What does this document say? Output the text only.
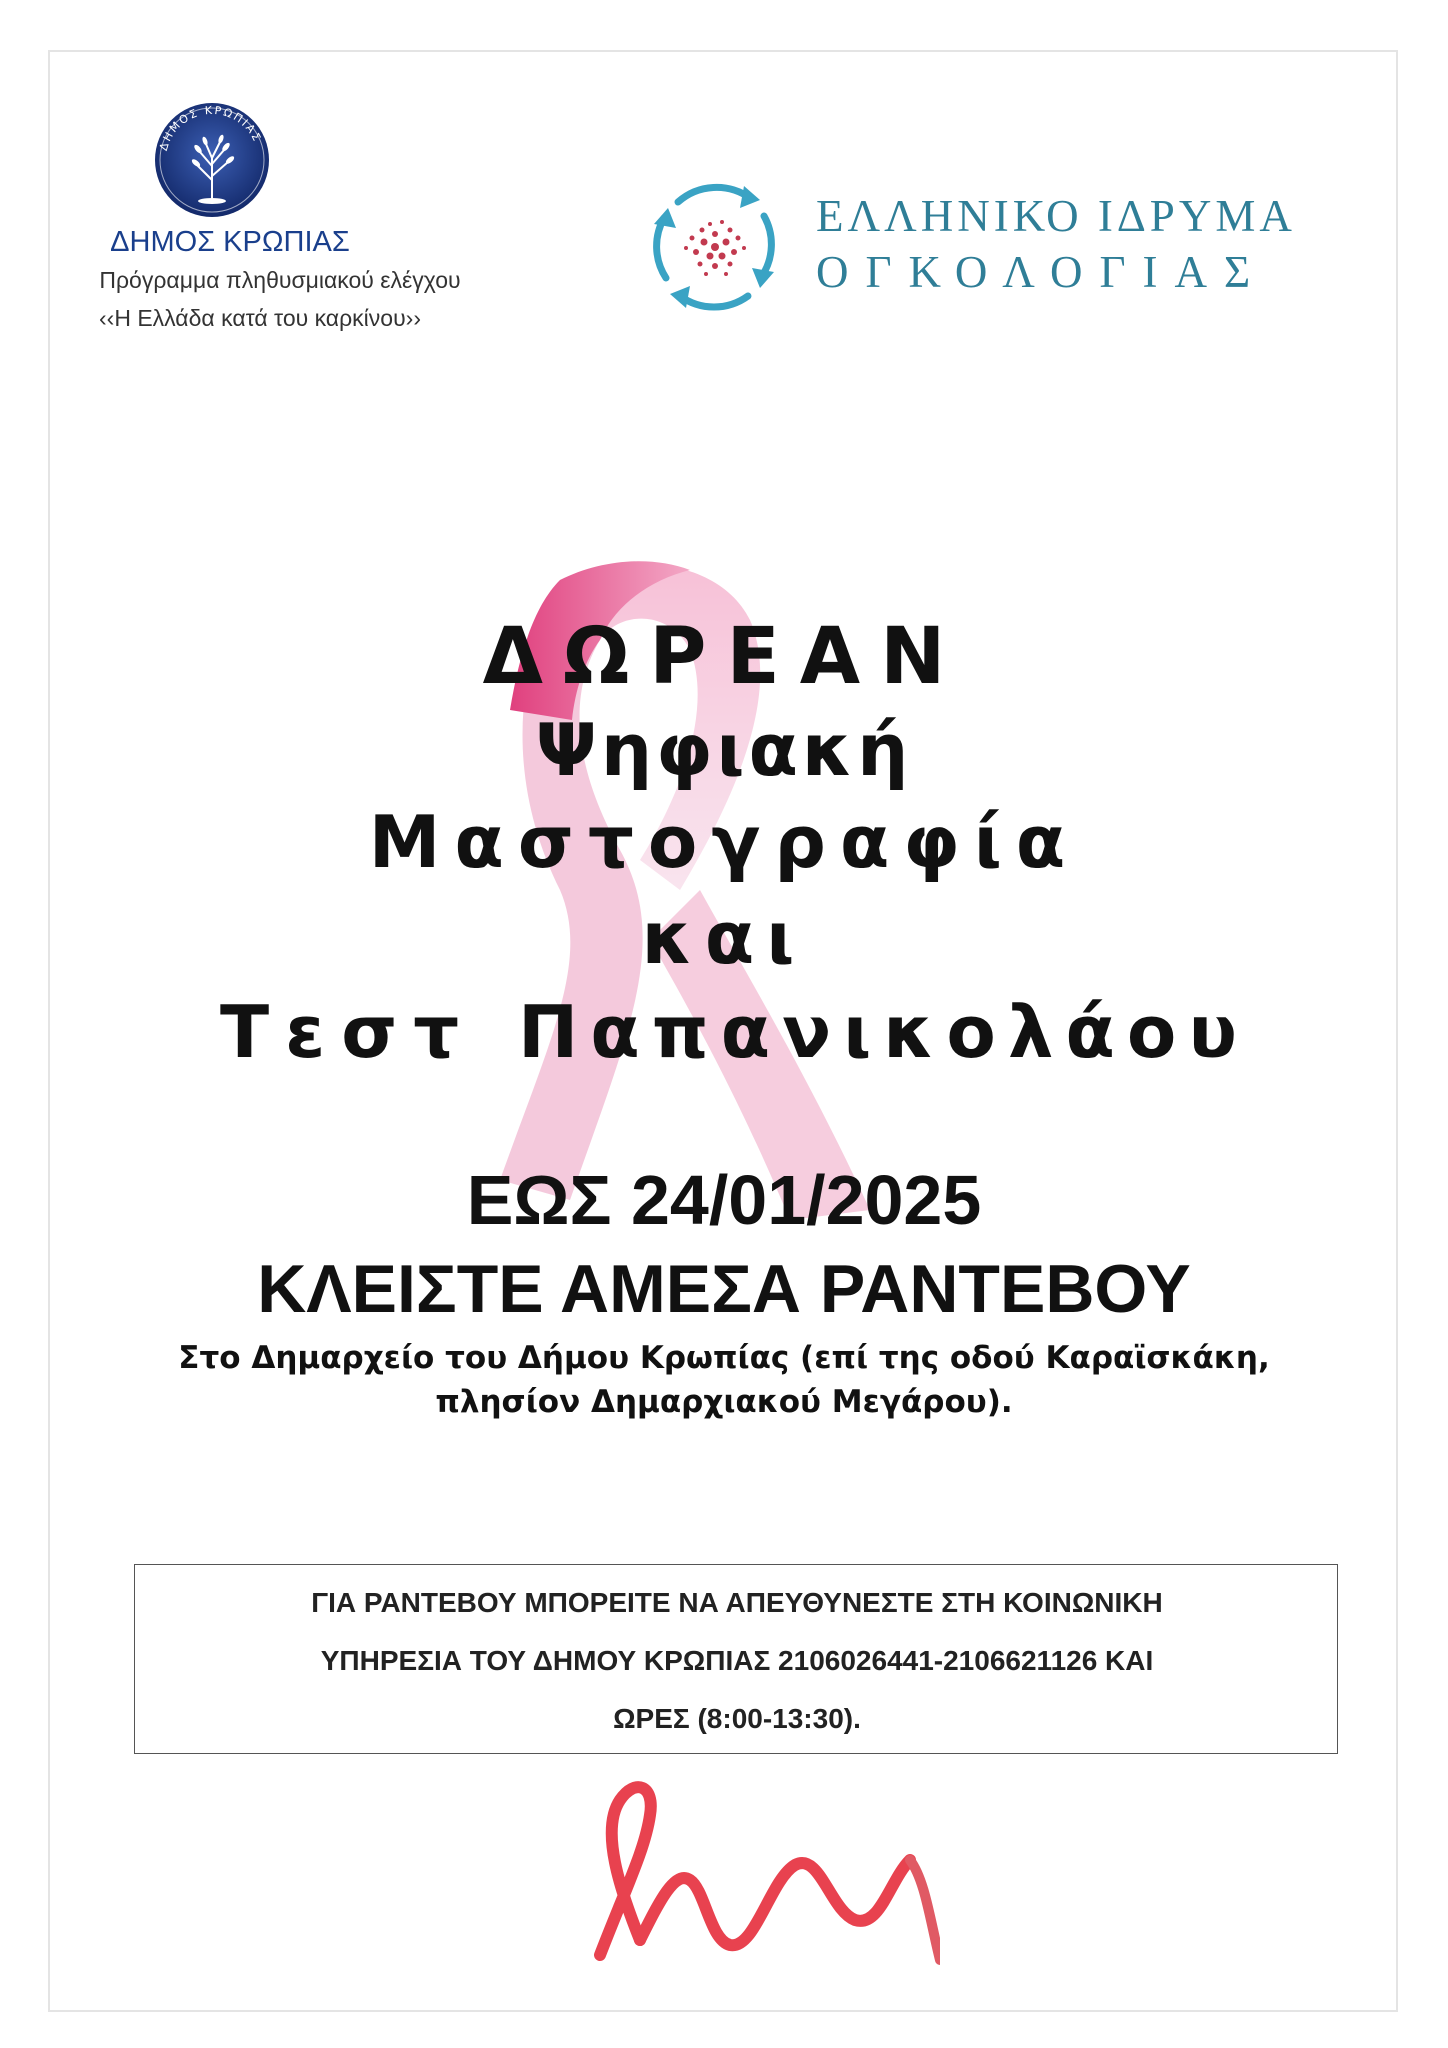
ΔΗΜΟΣ ΚΡΩΠΙΑΣ
ΔΗΜΟΣ ΚΡΩΠΙΑΣ
Πρόγραμμα πληθυσμιακού ελέγχου
‹‹Η Ελλάδα κατά του καρκίνου››
ΕΛΛΗΝΙΚΟ ΙΔΡΥΜΑ
ΟΓΚΟΛΟΓΙΑΣ
ΔΩΡΕΑΝ
Ψηφιακή
Μαστογραφία
και
Τεστ Παπανικολάου
ΕΩΣ 24/01/2025
ΚΛΕΙΣΤΕ ΑΜΕΣΑ ΡΑΝΤΕΒΟΥ
Στο Δημαρχείο του Δήμου Κρωπίας (επί της οδού Καραϊσκάκη,
πλησίον Δημαρχιακού Μεγάρου).
ΓΙΑ ΡΑΝΤΕΒΟΥ ΜΠΟΡΕΙΤΕ ΝΑ ΑΠΕΥΘΥΝΕΣΤΕ ΣΤΗ ΚΟΙΝΩΝΙΚΗ
ΥΠΗΡΕΣΙΑ ΤΟΥ ΔΗΜΟΥ ΚΡΩΠΙΑΣ 2106026441-2106621126 ΚΑΙ
ΩΡΕΣ (8:00-13:30).
